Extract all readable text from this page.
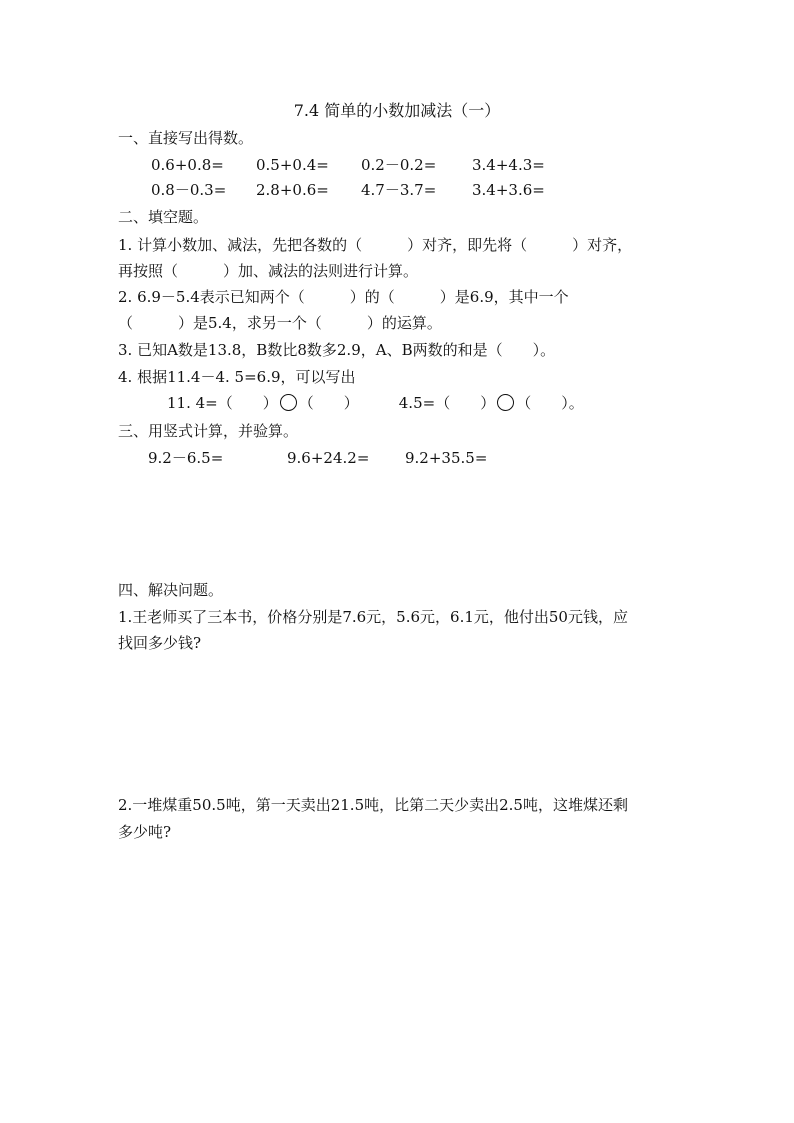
7.4 简单的小数加减法（一）
一、直接写出得数。
0.6+0.8= 0.5+0.4= 0.2－0.2= 3.4+4.3=
0.8－0.3= 2.8+0.6= 4.7－3.7= 3.4+3.6=
二、填空题。
1. 计算小数加、减法，先把各数的（　　　）对齐，即先将（　　　）对齐，
再按照（　　　）加、减法的法则进行计算。
2. 6.9－5.4表示已知两个（　　　）的（　　　）是6.9，其中一个
（　　　）是5.4，求另一个（　　　）的运算。
3. 已知A数是13.8，B数比8数多2.9，A、B两数的和是（　　）。
4. 根据11.4－4. 5=6.9，可以写出
11. 4=（　　） （　　）	4.5=（　　） （　　）。
三、用竖式计算，并验算。
9.2－6.5=	9.6+24.2= 9.2+35.5=
四、解决问题。
1.王老师买了三本书，价格分别是7.6元，5.6元，6.1元，他付出50元钱，应
找回多少钱?
2.一堆煤重50.5吨，第一天卖出21.5吨，比第二天少卖出2.5吨，这堆煤还剩
多少吨?
